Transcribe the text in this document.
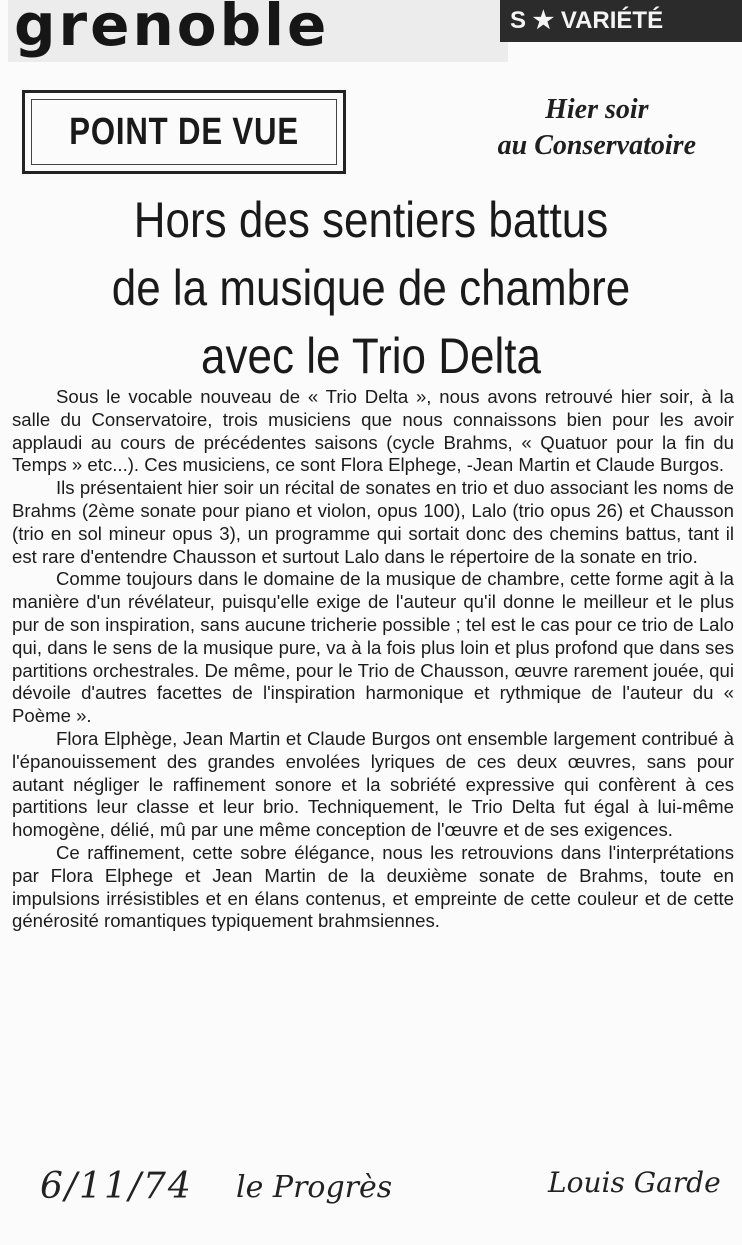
grenoble	S ★ VARIÉTÉ
POINT DE VUE
Hier soir
au Conservatoire
Hors des sentiers battus
de la musique de chambre
avec le Trio Delta

Sous le vocable nouveau de « Trio Delta », nous avons retrouvé hier soir, à la salle du Conservatoire, trois musiciens que nous connaissons bien pour les avoir applaudi au cours de précédentes saisons (cycle Brahms, « Quatuor pour la fin du Temps » etc...). Ces musiciens, ce sont Flora Elphege, -Jean Martin et Claude Burgos.

Ils présentaient hier soir un récital de sonates en trio et duo associant les noms de Brahms (2ème sonate pour piano et violon, opus 100), Lalo (trio opus 26) et Chausson (trio en sol mineur opus 3), un programme qui sortait donc des chemins battus, tant il est rare d'entendre Chausson et surtout Lalo dans le répertoire de la sonate en trio.

Comme toujours dans le domaine de la musique de chambre, cette forme agit à la manière d'un révélateur, puisqu'elle exige de l'auteur qu'il donne le meilleur et le plus pur de son inspiration, sans aucune tricherie possible ; tel est le cas pour ce trio de Lalo qui, dans le sens de la musique pure, va à la fois plus loin et plus profond que dans ses partitions orchestrales. De même, pour le Trio de Chausson, œuvre rarement jouée, qui dévoile d'autres facettes de l'inspiration harmonique et rythmique de l'auteur du « Poème ».

Flora Elphège, Jean Martin et Claude Burgos ont ensemble largement contribué à l'épanouissement des grandes envolées lyriques de ces deux œuvres, sans pour autant négliger le raffinement sonore et la sobriété expressive qui confèrent à ces partitions leur classe et leur brio. Techniquement, le Trio Delta fut égal à lui-même homogène, délié, mû par une même conception de l'œuvre et de ses exigences.

Ce raffinement, cette sobre élégance, nous les retrouvions dans l'interprétations par Flora Elphege et Jean Martin de la deuxième sonate de Brahms, toute en impulsions irrésistibles et en élans contenus, et empreinte de cette couleur et de cette générosité romantiques typiquement brahmsiennes.

6/11/74 le Progrès	Louis Garde
